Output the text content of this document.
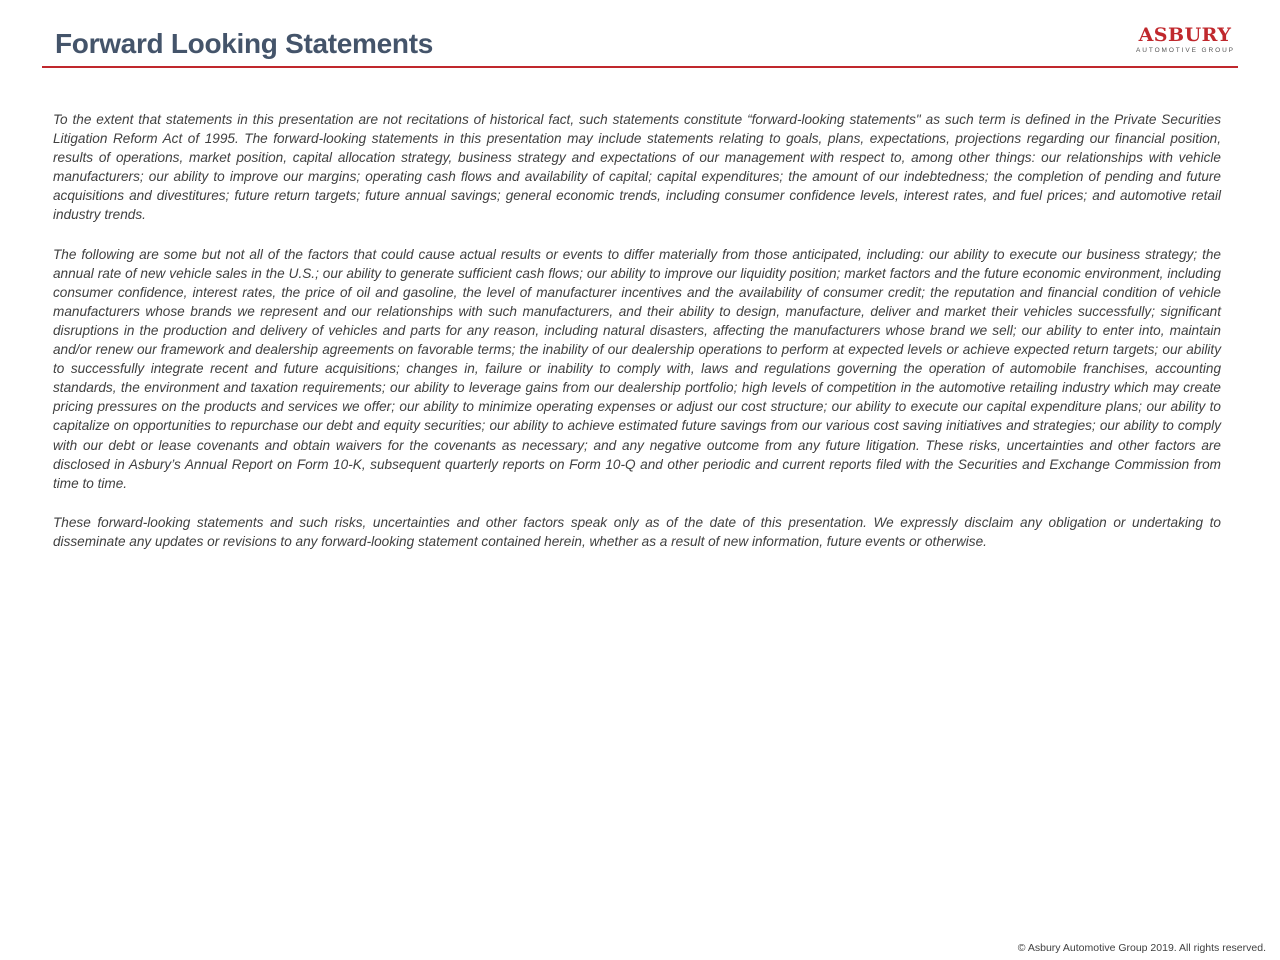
Forward Looking Statements	ASBURY
AUTOMOTIVE GROUP

To the extent that statements in this presentation are not recitations of historical fact, such statements constitute “forward-looking statements" as such term is defined in the Private Securities Litigation Reform Act of 1995. The forward-looking statements in this presentation may include statements relating to goals, plans, expectations, projections regarding our financial position, results of operations, market position, capital allocation strategy, business strategy and expectations of our management with respect to, among other things: our relationships with vehicle manufacturers; our ability to improve our margins; operating cash flows and availability of capital; capital expenditures; the amount of our indebtedness; the completion of pending and future acquisitions and divestitures; future return targets; future annual savings; general economic trends, including consumer confidence levels, interest rates, and fuel prices; and automotive retail industry trends.

The following are some but not all of the factors that could cause actual results or events to differ materially from those anticipated, including: our ability to execute our business strategy; the annual rate of new vehicle sales in the U.S.; our ability to generate sufficient cash flows; our ability to improve our liquidity position; market factors and the future economic environment, including consumer confidence, interest rates, the price of oil and gasoline, the level of manufacturer incentives and the availability of consumer credit; the reputation and financial condition of vehicle manufacturers whose brands we represent and our relationships with such manufacturers, and their ability to design, manufacture, deliver and market their vehicles successfully; significant disruptions in the production and delivery of vehicles and parts for any reason, including natural disasters, affecting the manufacturers whose brand we sell; our ability to enter into, maintain and/or renew our framework and dealership agreements on favorable terms; the inability of our dealership operations to perform at expected levels or achieve expected return targets; our ability to successfully integrate recent and future acquisitions; changes in, failure or inability to comply with, laws and regulations governing the operation of automobile franchises, accounting standards, the environment and taxation requirements; our ability to leverage gains from our dealership portfolio; high levels of competition in the automotive retailing industry which may create pricing pressures on the products and services we offer; our ability to minimize operating expenses or adjust our cost structure; our ability to execute our capital expenditure plans; our ability to capitalize on opportunities to repurchase our debt and equity securities; our ability to achieve estimated future savings from our various cost saving initiatives and strategies; our ability to comply with our debt or lease covenants and obtain waivers for the covenants as necessary; and any negative outcome from any future litigation. These risks, uncertainties and other factors are disclosed in Asbury’s Annual Report on Form 10-K, subsequent quarterly reports on Form 10-Q and other periodic and current reports filed with the Securities and Exchange Commission from time to time.

These forward-looking statements and such risks, uncertainties and other factors speak only as of the date of this presentation. We expressly disclaim any obligation or undertaking to disseminate any updates or revisions to any forward-looking statement contained herein, whether as a result of new information, future events or otherwise.

© Asbury Automotive Group 2019. All rights reserved.
